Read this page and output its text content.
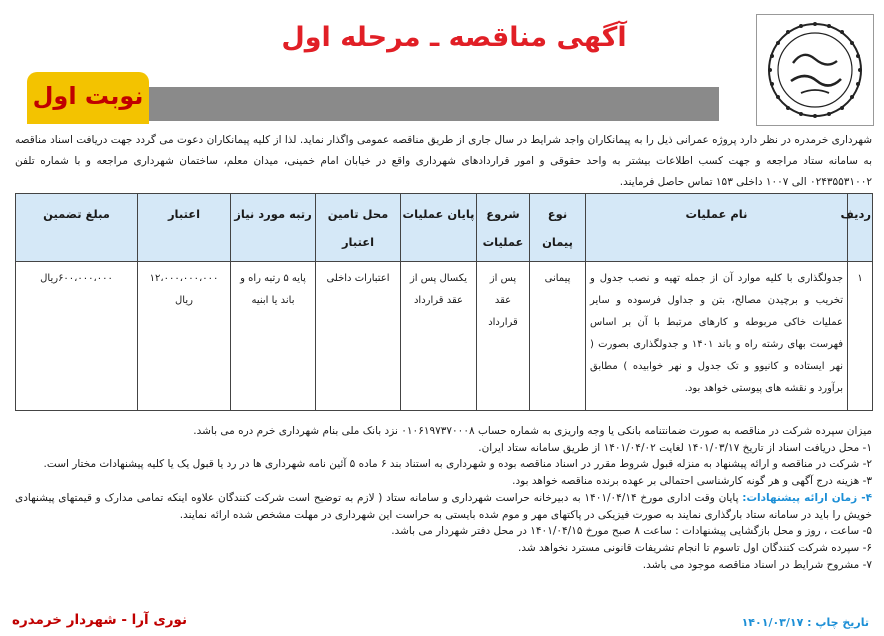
آگهی مناقصه ـ مرحله اول
نوبت اول
شهرداری خرمدره در نظر دارد پروژه عمرانی ذیل را به پیمانکاران واجد شرایط در سال جاری از طریق مناقصه عمومی واگذار نماید. لذا از کلیه پیمانکاران دعوت می گردد جهت دریافت اسناد مناقصه به سامانه ستاد مراجعه و جهت کسب اطلاعات بیشتر به واحد حقوقی و امور قراردادهای شهرداری واقع در خیابان امام خمینی، میدان معلم، ساختمان شهرداری مراجعه و با شماره تلفن ۰۲۴۳۵۵۳۱۰۰۲ الی ۱۰۰۷ داخلی ۱۵۳ تماس حاصل فرمایند.
ردیف	نام عملیات	نوع پیمان	شروع عملیات	پایان عملیات	محل تامین اعتبار	رتبه مورد نیاز	اعتبار	مبلغ تضمین
۱	جدولگذاری با کلیه موارد آن از جمله تهیه و نصب جدول و تخریب و برچیدن مصالح، بتن و جداول فرسوده و سایر عملیات خاکی مربوطه و کارهای مرتبط با آن بر اساس فهرست بهای رشته راه و باند ۱۴۰۱ و جدولگذاری بصورت ( نهر ایستاده و کانیوو و تک جدول و نهر خوابیده ) مطابق برآورد و نقشه های پیوستی خواهد بود.	پیمانی	پس از عقد قرارداد	یکسال پس از عقد قرارداد	اعتبارات داخلی	پایه ۵ رتبه راه و باند یا ابنیه	۱۲،۰۰۰،۰۰۰،۰۰۰ ریال	۶۰۰،۰۰۰،۰۰۰ریال

میزان سپرده شرکت در مناقصه به صورت ضمانتنامه بانکی یا وجه واریزی به شماره حساب ۰۱۰۶۱۹۷۳۷۰۰۰۸ نزد بانک ملی بنام شهرداری خرم دره می باشد.

۱- محل دریافت اسناد از تاریخ ۱۴۰۱/۰۳/۱۷ لغایت ۱۴۰۱/۰۴/۰۲ از طریق سامانه ستاد ایران.

۲- شرکت در مناقصه و ارائه پیشنهاد به منزله قبول شروط مقرر در اسناد مناقصه بوده و شهرداری به استناد بند ۶ ماده ۵ آئین نامه شهرداری ها در رد یا قبول یک یا کلیه پیشنهادات مختار است.

۳- هزینه درج آگهی و هر گونه کارشناسی احتمالی بر عهده برنده مناقصه خواهد بود.

۴- زمان ارائه پیشنهادات: پایان وقت اداری مورخ ۱۴۰۱/۰۴/۱۴ به دبیرخانه حراست شهرداری و سامانه ستاد ( لازم به توضیح است شرکت کنندگان علاوه اینکه تمامی مدارک و قیمتهای پیشنهادی خویش را باید در سامانه ستاد بارگذاری نمایند به صورت فیزیکی در پاکتهای مهر و موم شده بایستی به حراست این شهرداری در مهلت مشخص شده ارائه نمایند.

۵- ساعت ، روز و محل بازگشایی پیشنهادات : ساعت ۸ صبح مورخ ۱۴۰۱/۰۴/۱۵ در محل دفتر شهردار می باشد.

۶- سپرده شرکت کنندگان اول تاسوم تا انجام تشریفات قانونی مسترد نخواهد شد.

۷- مشروح شرایط در اسناد مناقصه موجود می باشد.

تاریخ چاپ : ۱۴۰۱/۰۳/۱۷
نوری آرا - شهردار خرمدره
